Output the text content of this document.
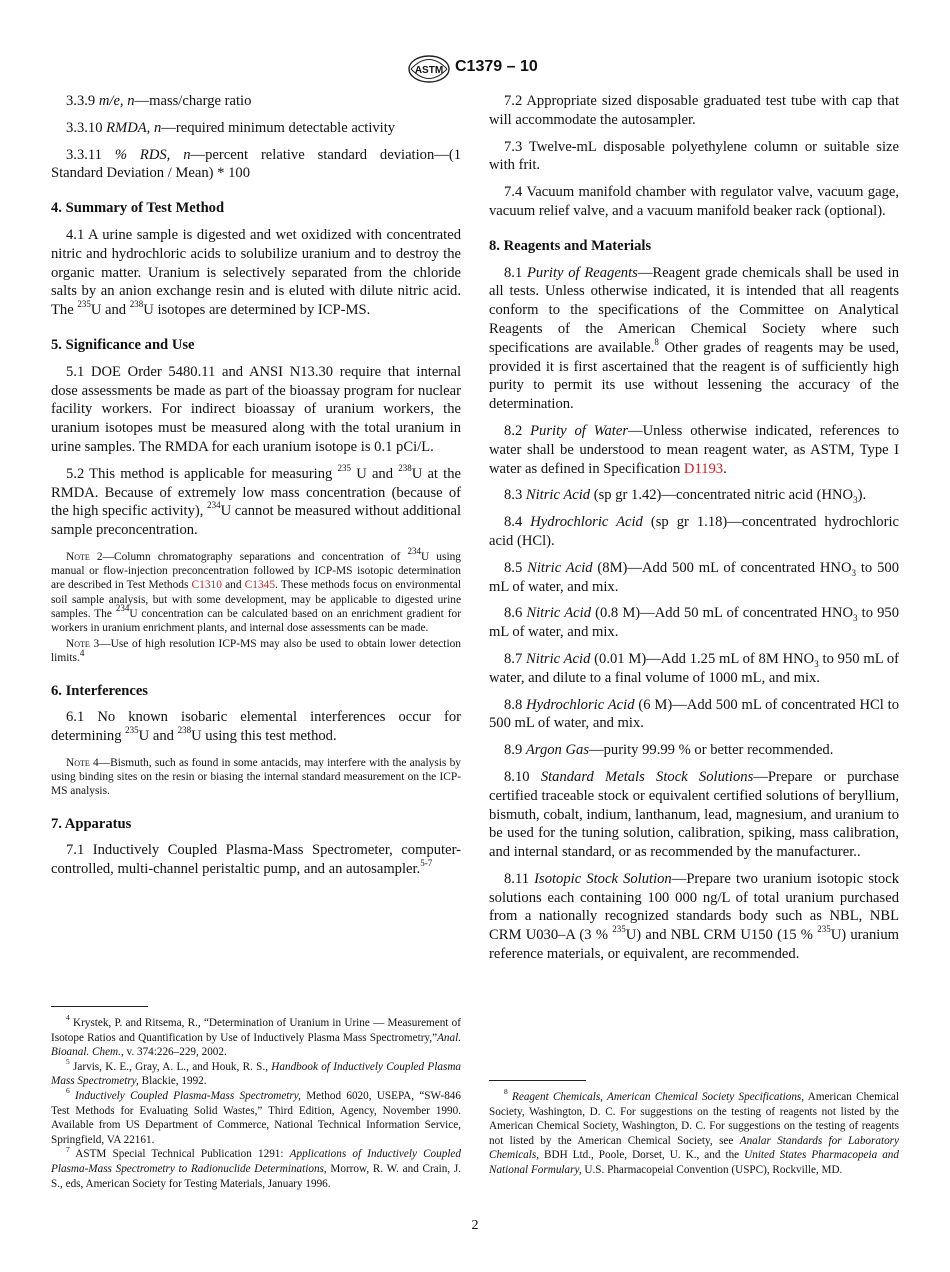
ASTM C1379 – 10

3.3.9 m/e, n—mass/charge ratio

3.3.10 RMDA, n—required minimum detectable activity

3.3.11 % RDS, n—percent relative standard deviation—(1 Standard Deviation / Mean) * 100

4. Summary of Test Method

4.1 A urine sample is digested and wet oxidized with concentrated nitric and hydrochloric acids to solubilize uranium and to destroy the organic matter. Uranium is selectively separated from the chloride salts by an anion exchange resin and is eluted with dilute nitric acid. The $^{235}$U and $^{238}$U isotopes are determined by ICP-MS.

5. Significance and Use

5.1 DOE Order 5480.11 and ANSI N13.30 require that internal dose assessments be made as part of the bioassay program for nuclear facility workers. For indirect bioassay of uranium workers, the uranium isotopes must be measured along with the total uranium in urine samples. The RMDA for each uranium isotope is 0.1 pCi/L.

5.2 This method is applicable for measuring $^{235}$ U and $^{238}$U at the RMDA. Because of extremely low mass concentration (because of the high specific activity), $^{234}$U cannot be measured without additional sample preconcentration.

Note 2—Column chromatography separations and concentration of $^{234}$U using manual or flow-injection preconcentration followed by ICP-MS isotopic determination are described in Test Methods C1310 and C1345. These methods focus on environmental soil sample analysis, but with some development, may be applicable to digested urine samples. The $^{234}$U concentration can be calculated based on an enrichment gradient for workers in uranium enrichment plants, and internal dose assessments can be made.

Note 3—Use of high resolution ICP-MS may also be used to obtain lower detection limits.$^4$

6. Interferences

6.1 No known isobaric elemental interferences occur for determining $^{235}$U and $^{238}$U using this test method.

Note 4—Bismuth, such as found in some antacids, may interfere with the analysis by using binding sites on the resin or biasing the internal standard measurement on the ICP-MS analysis.

7. Apparatus

7.1 Inductively Coupled Plasma-Mass Spectrometer, computer-controlled, multi-channel peristaltic pump, and an autosampler.$^{5-7}$

$^4$ Krystek, P. and Ritsema, R., “Determination of Uranium in Urine — Measurement of Isotope Ratios and Quantification by Use of Inductively Plasma Mass Spectrometry,”Anal. Bioanal. Chem., v. 374:226–229, 2002.

$^5$ Jarvis, K. E., Gray, A. L., and Houk, R. S., Handbook of Inductively Coupled Plasma Mass Spectrometry, Blackie, 1992.

$^6$ Inductively Coupled Plasma-Mass Spectrometry, Method 6020, USEPA, “SW-846 Test Methods for Evaluating Solid Wastes,” Third Edition, Agency, November 1990. Available from US Department of Commerce, National Technical Information Service, Springfield, VA 22161.

$^7$ ASTM Special Technical Publication 1291: Applications of Inductively Coupled Plasma-Mass Spectrometry to Radionuclide Determinations, Morrow, R. W. and Crain, J. S., eds, American Society for Testing Materials, January 1996.

7.2 Appropriate sized disposable graduated test tube with cap that will accommodate the autosampler.

7.3 Twelve-mL disposable polyethylene column or suitable size with frit.

7.4 Vacuum manifold chamber with regulator valve, vacuum gage, vacuum relief valve, and a vacuum manifold beaker rack (optional).

8. Reagents and Materials

8.1 Purity of Reagents—Reagent grade chemicals shall be used in all tests. Unless otherwise indicated, it is intended that all reagents conform to the specifications of the Committee on Analytical Reagents of the American Chemical Society where such specifications are available.$^8$ Other grades of reagents may be used, provided it is first ascertained that the reagent is of sufficiently high purity to permit its use without lessening the accuracy of the determination.

8.2 Purity of Water—Unless otherwise indicated, references to water shall be understood to mean reagent water, as ASTM, Type I water as defined in Specification D1193.

8.3 Nitric Acid (sp gr 1.42)—concentrated nitric acid $(HNO_3)$.

8.4 Hydrochloric Acid (sp gr 1.18)—concentrated hydrochloric acid (HCl).

8.5 Nitric Acid (8M)—Add 500 mL of concentrated $HNO_3$ to 500 mL of water, and mix.

8.6 Nitric Acid (0.8 M)—Add 50 mL of concentrated $HNO_3$ to 950 mL of water, and mix.

8.7 Nitric Acid (0.01 M)—Add 1.25 mL of 8M $HNO_3$ to 950 mL of water, and dilute to a final volume of 1000 mL, and mix.

8.8 Hydrochloric Acid (6 M)—Add 500 mL of concentrated HCl to 500 mL of water, and mix.

8.9 Argon Gas—purity 99.99 % or better recommended.

8.10 Standard Metals Stock Solutions—Prepare or purchase certified traceable stock or equivalent certified solutions of beryllium, bismuth, cobalt, indium, lanthanum, lead, magnesium, and uranium to be used for the tuning solution, calibration, spiking, mass calibration, and internal standard, or as recommended by the manufacturer..

8.11 Isotopic Stock Solution—Prepare two uranium isotopic stock solutions each containing 100 000 ng/L of total uranium purchased from a nationally recognized standards body such as NBL, NBL CRM U030–A (3 % $^{235}$U) and NBL CRM U150 (15 % $^{235}$U) uranium reference materials, or equivalent, are recommended.

$^8$ Reagent Chemicals, American Chemical Society Specifications, American Chemical Society, Washington, D. C. For suggestions on the testing of reagents not listed by the American Chemical Society, Washington, D. C. For suggestions on the testing of reagents not listed by the American Chemical Society, see Analar Standards for Laboratory Chemicals, BDH Ltd., Poole, Dorset, U. K., and the United States Pharmacopeia and National Formulary, U.S. Pharmacopeial Convention (USPC), Rockville, MD.

2
